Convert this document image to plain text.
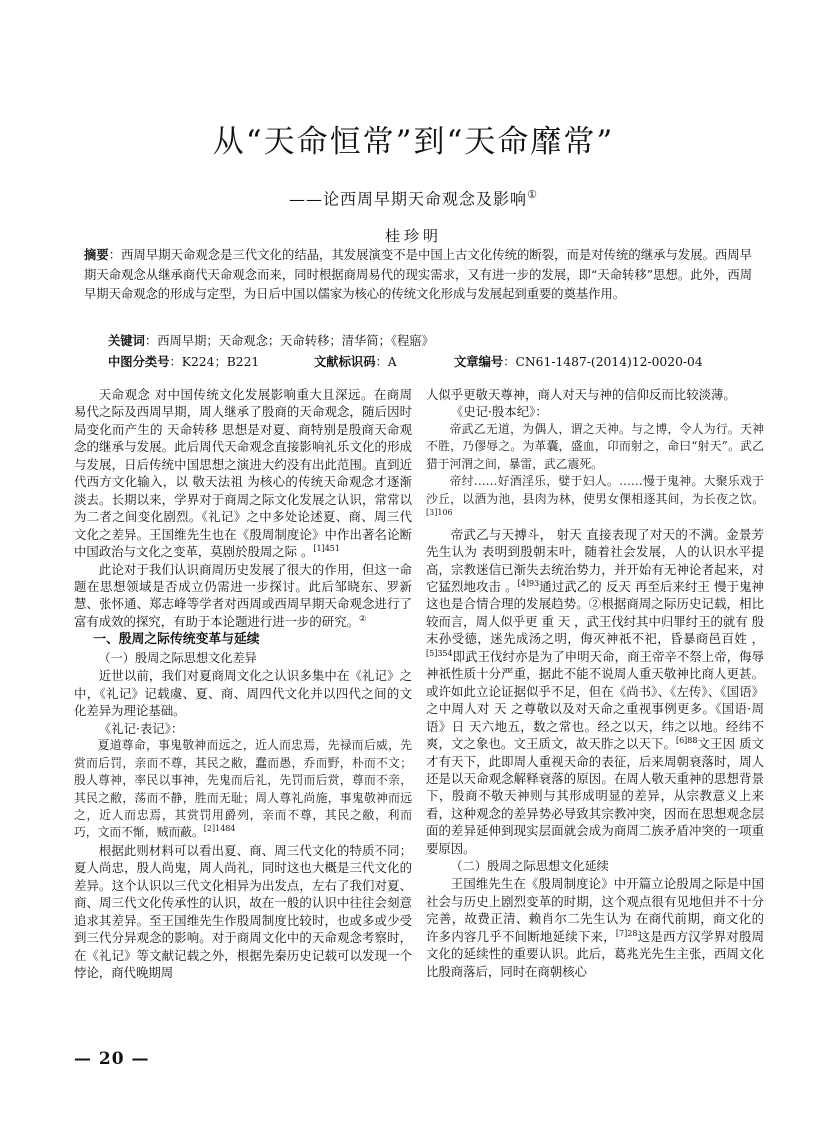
从“天命恒常”到“天命靡常”
——论西周早期天命观念及影响①
桂珍明
摘要：西周早期天命观念是三代文化的结晶，其发展演变不是中国上古文化传统的断裂，而是对传统的继承与发展。西周早期天命观念从继承商代天命观念而来，同时根据商周易代的现实需求，又有进一步的发展，即“天命转移”思想。此外，西周早期天命观念的形成与定型，为日后中国以儒家为核心的传统文化形成与发展起到重要的奠基作用。
关键词：西周早期；天命观念；天命转移；清华简；《程寤》
中图分类号：K224；B221	文献标识码：A	文章编号：CN61-1487-(2014)12-0020-04

天命观念 对中国传统文化发展影响重大且深远。在商周易代之际及西周早期，周人继承了殷商的天命观念，随后因时局变化而产生的 天命转移 思想是对夏、商特别是殷商天命观念的继承与发展。此后周代天命观念直接影响礼乐文化的形成与发展，日后传统中国思想之演进大约没有出此范围。直到近代西方文化输入，以 敬天法祖 为核心的传统天命观念才逐渐淡去。长期以来，学界对于商周之际文化发展之认识，常常以为二者之间变化剧烈。《礼记》之中多处论述夏、商、周三代文化之差异。王国维先生也在《殷周制度论》中作出著名论断 中国政治与文化之变革，莫剧於殷周之际 。$^{[1]451}$

此论对于我们认识商周历史发展了很大的作用，但这一命题在思想领域是否成立仍需进一步探讨。此后邹晓东、罗新慧、张怀通、郑志峰等学者对西周或西周早期天命观念进行了富有成效的探究，有助于本论题进行进一步的研究。②

一、殷周之际传统变革与延续
（一）殷周之际思想文化差异

近世以前，我们对夏商周文化之认识多集中在《礼记》之中，《礼记》记载虞、夏、商、周四代文化并以四代之间的文化差异为理论基础。

《礼记·表记》：

夏道尊命，事鬼敬神而远之，近人而忠焉，先禄而后威，先赏而后罚，亲而不尊，其民之敝，蠢而愚，乔而野，朴而不文；殷人尊神，率民以事神，先鬼而后礼，先罚而后赏，尊而不亲，其民之敝，荡而不静，胜而无耻；周人尊礼尚施，事鬼敬神而远之，近人而忠焉，其赏罚用爵列，亲而不尊，其民之敝，利而巧，文而不惭，贼而蔽。$^{[2]1484}$

根据此则材料可以看出夏、商、周三代文化的特质不同；夏人尚忠，殷人尚鬼，周人尚礼，同时这也大概是三代文化的差异。这个认识以三代文化相异为出发点，左右了我们对夏、商、周三代文化传承性的认识，故在一般的认识中往往会刻意追求其差异。至王国维先生作殷周制度比较时，也或多或少受到三代分异观念的影响。对于商周文化中的天命观念考察时，在《礼记》等文献记载之外，根据先秦历史记载可以发现一个悖论，商代晚期周

人似乎更敬天尊神，商人对天与神的信仰反而比较淡薄。

《史记·殷本纪》：

帝武乙无道，为偶人，谓之天神。与之博，令人为行。天神不胜，乃僇辱之。为革囊，盛血，卬而射之，命曰“射天”。武乙猎于河渭之间，暴雷，武乙震死。

帝纣……好酒淫乐，嬖于妇人。……慢于鬼神。大聚乐戏于沙丘，以酒为池，县肉为林，使男女倮相逐其间，为长夜之饮。$^{[3]106}$

帝武乙与天搏斗， 射天 直接表现了对天的不满。金景芳先生认为 表明到殷朝末叶，随着社会发展，人的认识水平提高，宗教迷信已渐失去统治势力，并开始有无神论者起来，对它猛烈地攻击 。$^{[4]93}$通过武乙的 反天 再至后来纣王 慢于鬼神 这也是合情合理的发展趋势。②根据商周之际历史记载，相比较而言，周人似乎更 重 天 ，武王伐纣其中归罪纣王的就有 殷末孙受德，迷先成汤之明，侮灭神祇不祀，昏暴商邑百姓 ，$^{[5]354}$即武王伐纣亦是为了申明天命，商王帝辛不祭上帝，侮辱神祇性质十分严重，据此不能不说周人重天敬神比商人更甚。或许如此立论证据似乎不足，但在《尚书》、《左传》、《国语》之中周人对 天 之尊敬以及对天命之重视事例更多。《国语·周语》日 天六地五，数之常也。经之以天，纬之以地。经纬不爽，文之象也。文王质文，故天胙之以天下。$^{[6]88}$文王因 质文 才有天下，此即周人重视天命的表征，后来周朝衰落时，周人还是以天命观念解释衰落的原因。在周人敬天重神的思想背景下，殷商不敬天神则与其形成明显的差异，从宗教意义上来看，这种观念的差异势必导致其宗教冲突，因而在思想观念层面的差异延伸到现实层面就会成为商周二族矛盾冲突的一项重要原因。

（二）殷周之际思想文化延续

王国维先生在《殷周制度论》中开篇立论殷周之际是中国社会与历史上剧烈变革的时期，这个观点很有见地但并不十分完善，故费正清、赖肖尔二先生认为 在商代前期，商文化的许多内容几乎不间断地延续下来，$^{[7]28}$这是西方汉学界对殷周文化的延续性的重要认识。此后，葛兆光先生主张，西周文化比殷商落后，同时在商朝核心

— 20 —
